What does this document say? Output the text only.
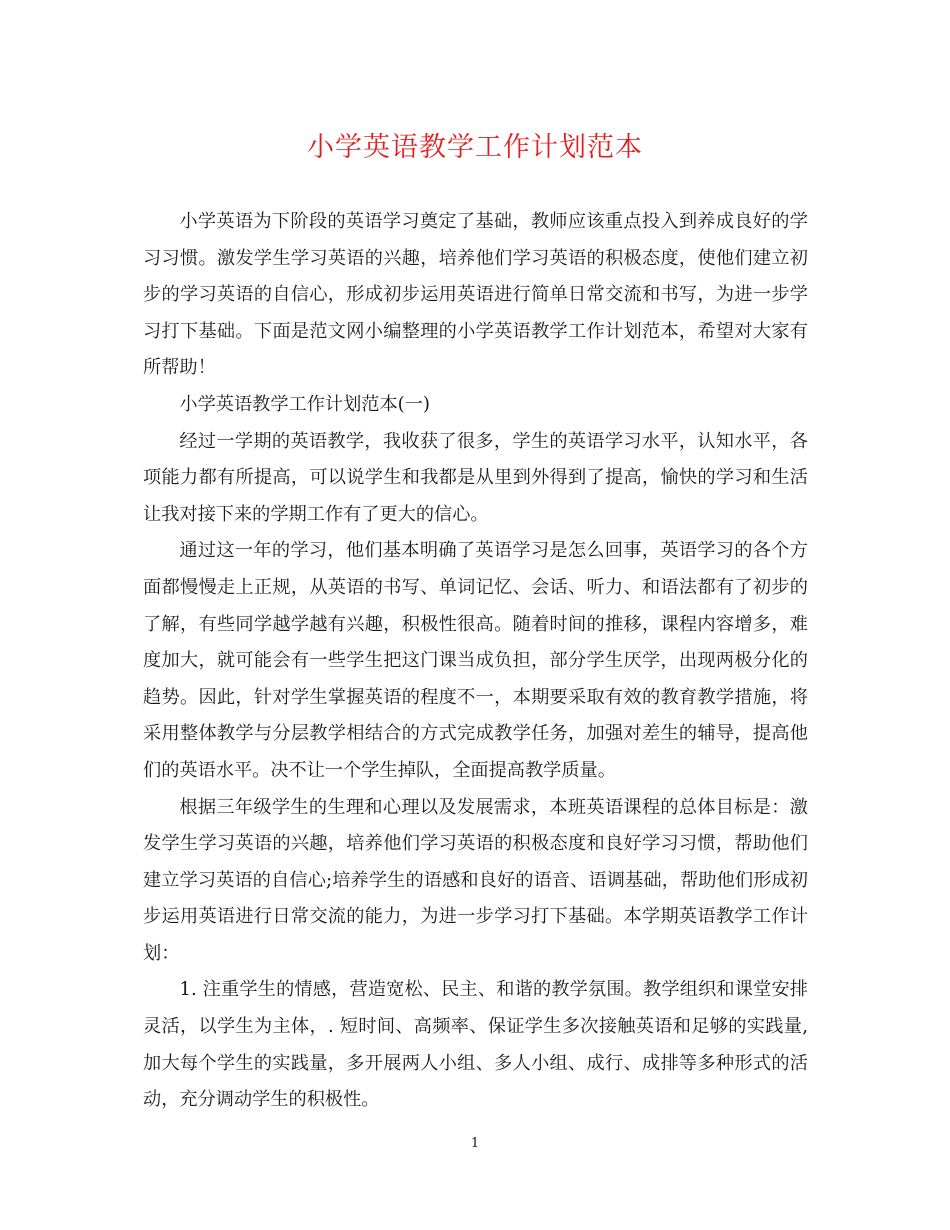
小学英语教学工作计划范本

小学英语为下阶段的英语学习奠定了基础，教师应该重点投入到养成良好的学习习惯。激发学生学习英语的兴趣，培养他们学习英语的积极态度，使他们建立初步的学习英语的自信心，形成初步运用英语进行简单日常交流和书写，为进一步学习打下基础。下面是范文网小编整理的小学英语教学工作计划范本，希望对大家有所帮助！

小学英语教学工作计划范本(一)

经过一学期的英语教学，我收获了很多，学生的英语学习水平，认知水平，各项能力都有所提高，可以说学生和我都是从里到外得到了提高，愉快的学习和生活让我对接下来的学期工作有了更大的信心。

通过这一年的学习，他们基本明确了英语学习是怎么回事，英语学习的各个方面都慢慢走上正规，从英语的书写、单词记忆、会话、听力、和语法都有了初步的了解，有些同学越学越有兴趣，积极性很高。随着时间的推移，课程内容增多，难度加大，就可能会有一些学生把这门课当成负担，部分学生厌学，出现两极分化的趋势。因此，针对学生掌握英语的程度不一，本期要采取有效的教育教学措施，将采用整体教学与分层教学相结合的方式完成教学任务，加强对差生的辅导，提高他们的英语水平。决不让一个学生掉队，全面提高教学质量。

根据三年级学生的生理和心理以及发展需求，本班英语课程的总体目标是：激发学生学习英语的兴趣，培养他们学习英语的积极态度和良好学习习惯，帮助他们建立学习英语的自信心;培养学生的语感和良好的语音、语调基础，帮助他们形成初步运用英语进行日常交流的能力，为进一步学习打下基础。本学期英语教学工作计划：

1. 注重学生的情感，营造宽松、民主、和谐的教学氛围。教学组织和课堂安排灵活，以学生为主体，. 短时间、高频率、保证学生多次接触英语和足够的实践量,加大每个学生的实践量，多开展两人小组、多人小组、成行、成排等多种形式的活动，充分调动学生的积极性。

1
